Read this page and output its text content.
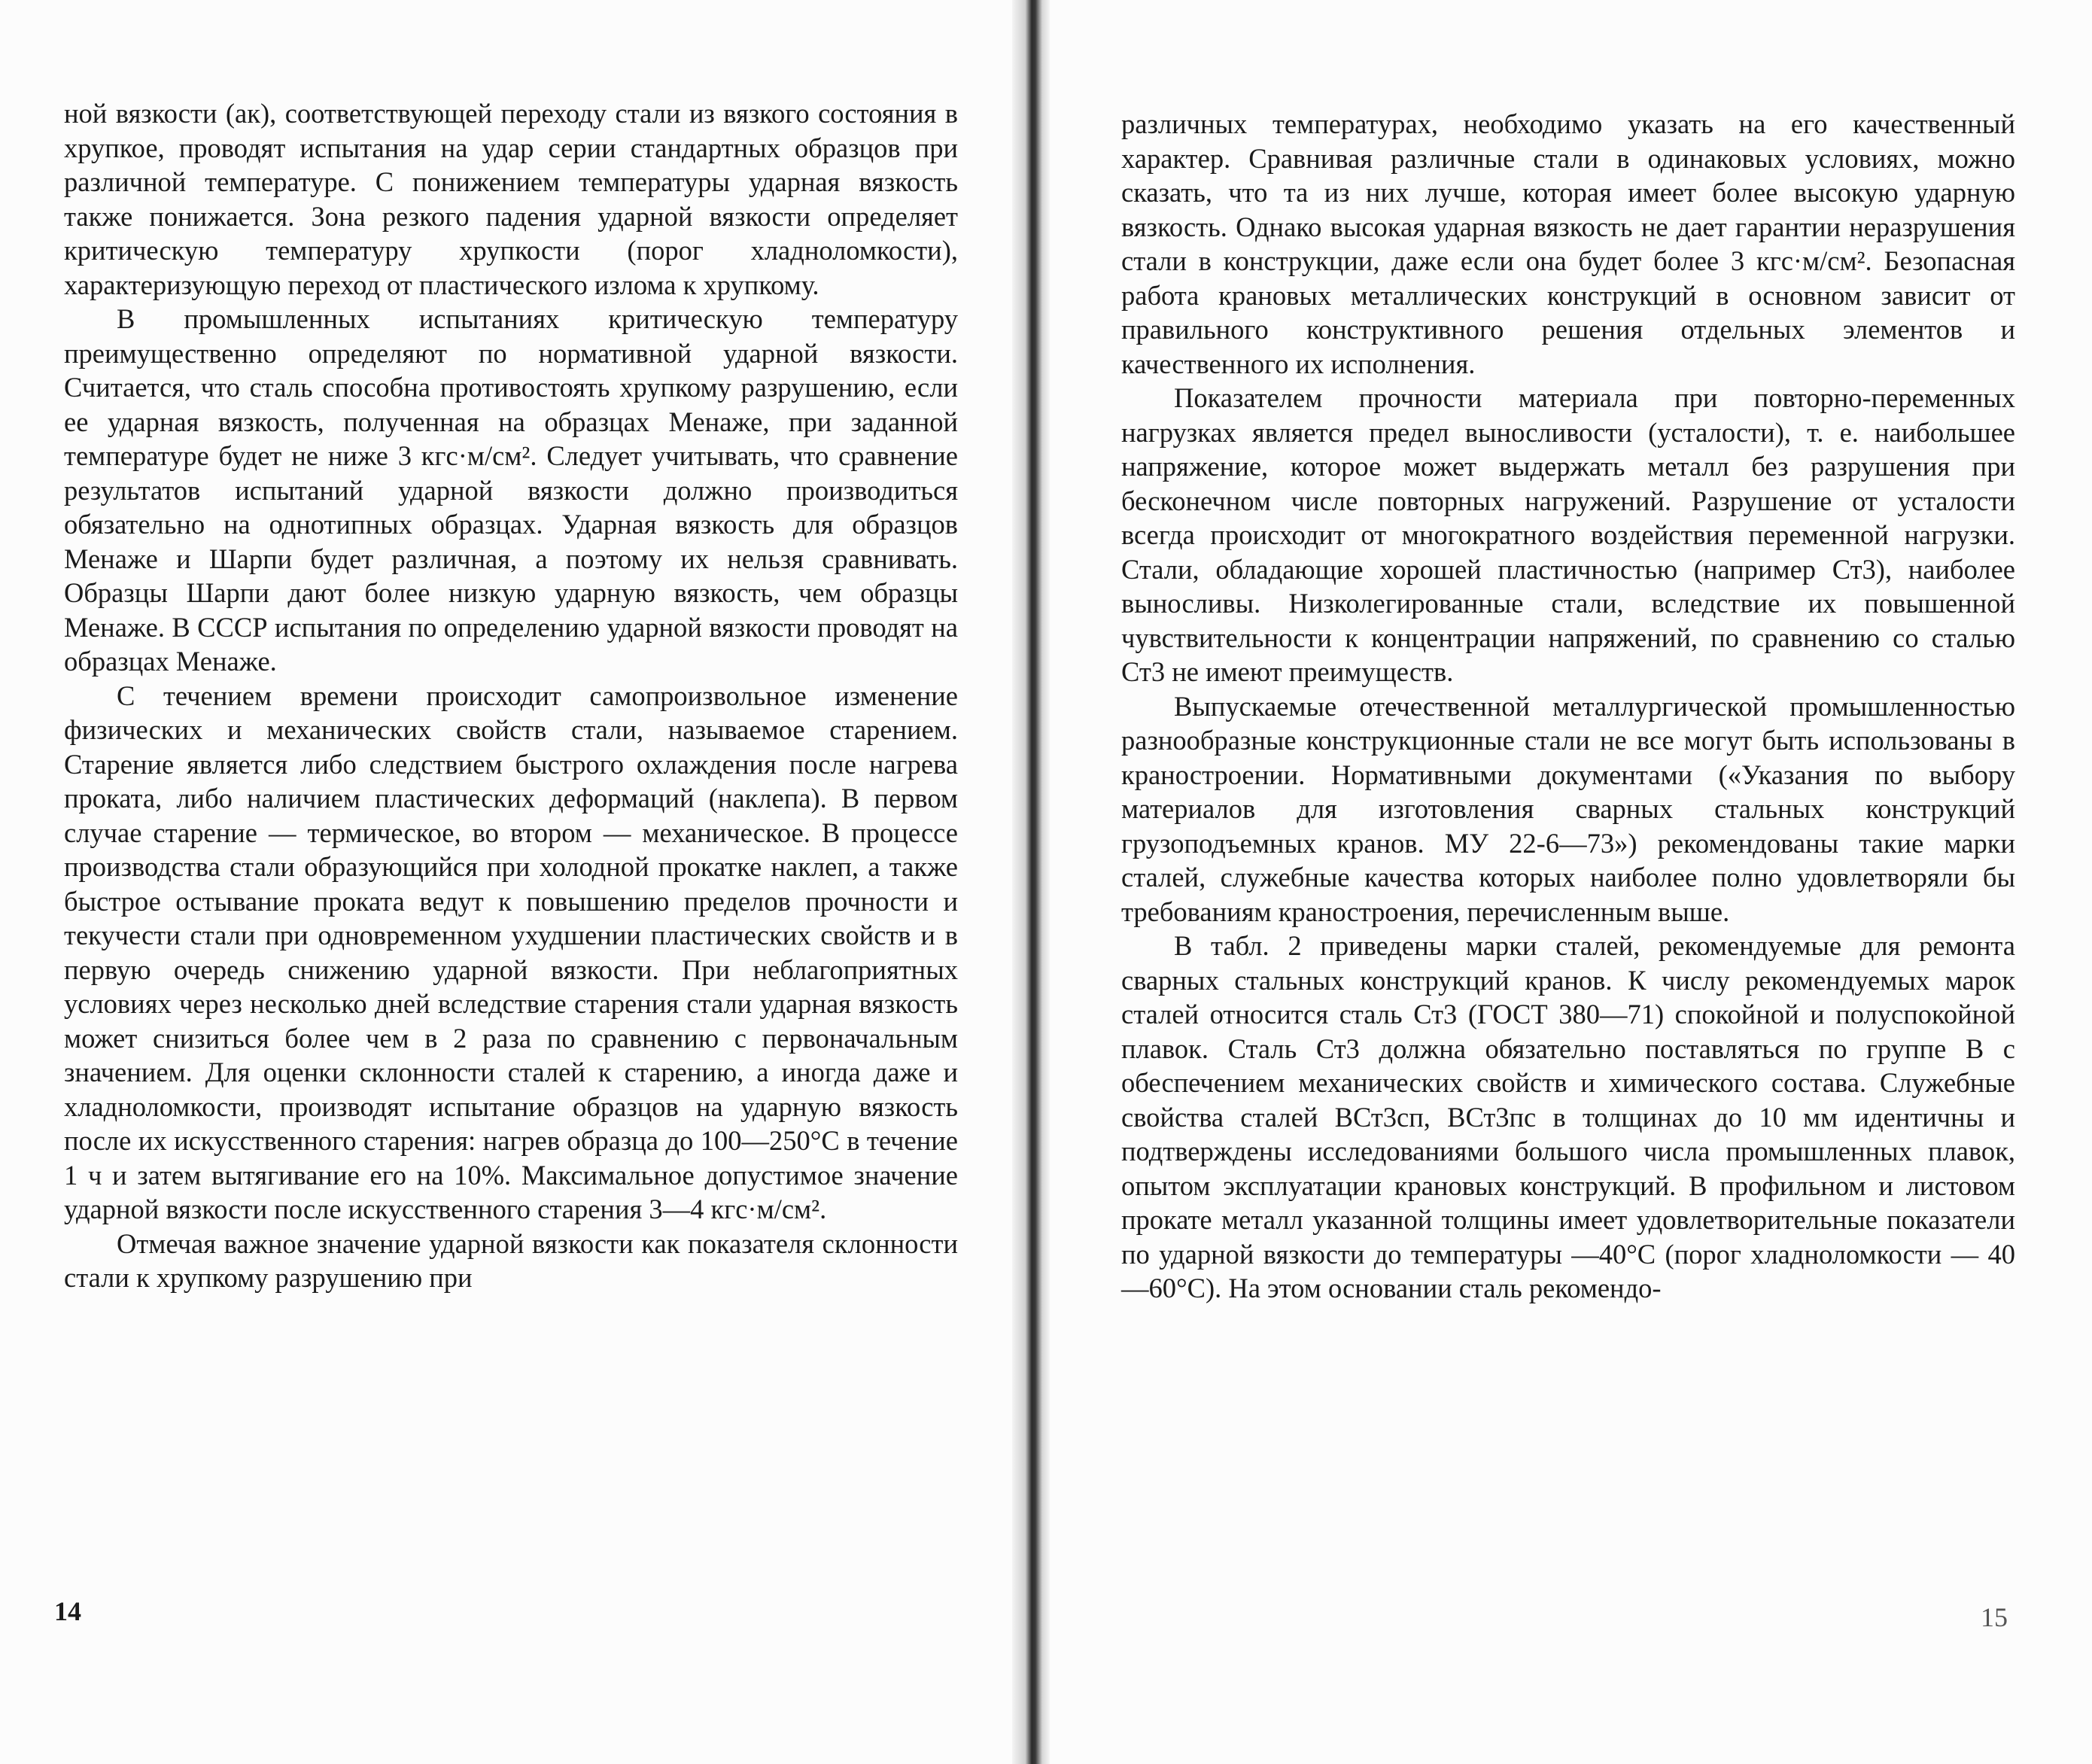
ной вязкости (aк), соответствующей переходу стали из вязкого состояния в хрупкое, проводят испытания на удар серии стандартных образцов при различной температуре. С понижением температуры ударная вязкость также понижается. Зона резкого падения ударной вязкости определяет критическую температуру хрупкости (порог хладноломкости), характеризующую переход от пластического излома к хрупкому.

В промышленных испытаниях критическую температуру преимущественно определяют по нормативной ударной вязкости. Считается, что сталь способна противостоять хрупкому разрушению, если ее ударная вязкость, полученная на образцах Менаже, при заданной температуре будет не ниже 3 кгс·м/см². Следует учитывать, что сравнение результатов испытаний ударной вязкости должно производиться обязательно на однотипных образцах. Ударная вязкость для образцов Менаже и Шарпи будет различная, а поэтому их нельзя сравнивать. Образцы Шарпи дают более низкую ударную вязкость, чем образцы Менаже. В СССР испытания по определению ударной вязкости проводят на образцах Менаже.

С течением времени происходит самопроизвольное изменение физических и механических свойств стали, называемое старением. Старение является либо следствием быстрого охлаждения после нагрева проката, либо наличием пластических деформаций (наклепа). В первом случае старение — термическое, во втором — механическое. В процессе производства стали образующийся при холодной прокатке наклеп, а также быстрое остывание проката ведут к повышению пределов прочности и текучести стали при одновременном ухудшении пластических свойств и в первую очередь снижению ударной вязкости. При неблагоприятных условиях через несколько дней вследствие старения стали ударная вязкость может снизиться более чем в 2 раза по сравнению с первоначальным значением. Для оценки склонности сталей к старению, а иногда даже и хладноломкости, производят испытание образцов на ударную вязкость после их искусственного старения: нагрев образца до 100—250°С в течение 1 ч и затем вытягивание его на 10%. Максимальное допустимое значение ударной вязкости после искусственного старения 3—4 кгс·м/см².

Отмечая важное значение ударной вязкости как показателя склонности стали к хрупкому разрушению при

14

различных температурах, необходимо указать на его качественный характер. Сравнивая различные стали в одинаковых условиях, можно сказать, что та из них лучше, которая имеет более высокую ударную вязкость. Однако высокая ударная вязкость не дает гарантии неразрушения стали в конструкции, даже если она будет более 3 кгс·м/см². Безопасная работа крановых металлических конструкций в основном зависит от правильного конструктивного решения отдельных элементов и качественного их исполнения.

Показателем прочности материала при повторно-переменных нагрузках является предел выносливости (усталости), т. е. наибольшее напряжение, которое может выдержать металл без разрушения при бесконечном числе повторных нагружений. Разрушение от усталости всегда происходит от многократного воздействия переменной нагрузки. Стали, обладающие хорошей пластичностью (например Ст3), наиболее выносливы. Низколегированные стали, вследствие их повышенной чувствительности к концентрации напряжений, по сравнению со сталью Ст3 не имеют преимуществ.

Выпускаемые отечественной металлургической промышленностью разнообразные конструкционные стали не все могут быть использованы в краностроении. Нормативными документами («Указания по выбору материалов для изготовления сварных стальных конструкций грузоподъемных кранов. МУ 22-6—73») рекомендованы такие марки сталей, служебные качества которых наиболее полно удовлетворяли бы требованиям краностроения, перечисленным выше.

В табл. 2 приведены марки сталей, рекомендуемые для ремонта сварных стальных конструкций кранов. К числу рекомендуемых марок сталей относится сталь Ст3 (ГОСТ 380—71) спокойной и полуспокойной плавок. Сталь Ст3 должна обязательно поставляться по группе В с обеспечением механических свойств и химического состава. Служебные свойства сталей ВСт3сп, ВСт3пс в толщинах до 10 мм идентичны и подтверждены исследованиями большого числа промышленных плавок, опытом эксплуатации крановых конструкций. В профильном и листовом прокате металл указанной толщины имеет удовлетворительные показатели по ударной вязкости до температуры —40°С (порог хладноломкости — 40—60°С). На этом основании сталь рекомендо-

15
